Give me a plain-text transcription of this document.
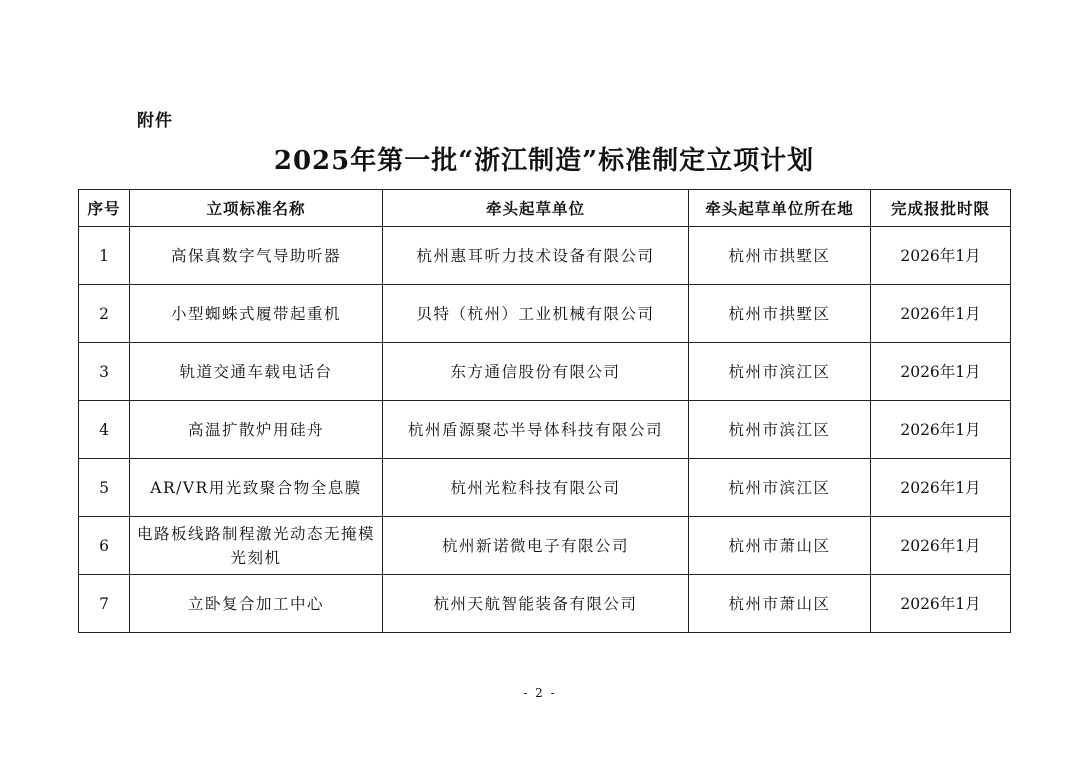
附件
2025年第一批“浙江制造”标准制定立项计划
序号	立项标准名称	牵头起草单位	牵头起草单位所在地	完成报批时限
1	高保真数字气导助听器	杭州惠耳听力技术设备有限公司	杭州市拱墅区	2026年1月
2	小型蜘蛛式履带起重机	贝特（杭州）工业机械有限公司	杭州市拱墅区	2026年1月
3	轨道交通车载电话台	东方通信股份有限公司	杭州市滨江区	2026年1月
4	高温扩散炉用硅舟	杭州盾源聚芯半导体科技有限公司	杭州市滨江区	2026年1月
5	AR/VR用光致聚合物全息膜	杭州光粒科技有限公司	杭州市滨江区	2026年1月
6	电路板线路制程激光动态无掩模光刻机	杭州新诺微电子有限公司	杭州市萧山区	2026年1月
7	立卧复合加工中心	杭州天航智能装备有限公司	杭州市萧山区	2026年1月
- 2 -
